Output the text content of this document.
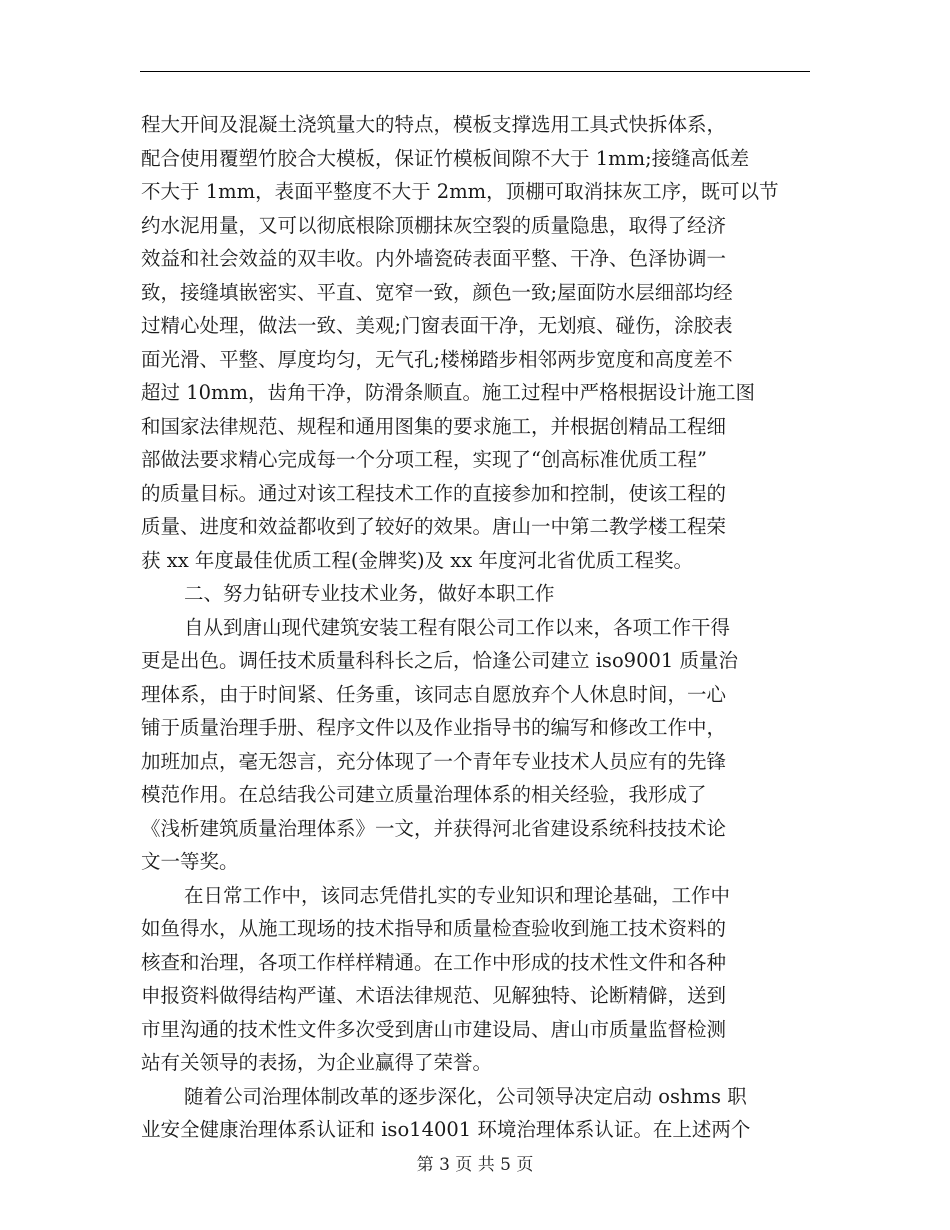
程大开间及混凝土浇筑量大的特点，模板支撑选用工具式快拆体系，
配合使用覆塑竹胶合大模板，保证竹模板间隙不大于 1mm;接缝高低差
不大于 1mm，表面平整度不大于 2mm，顶棚可取消抹灰工序，既可以节
约水泥用量，又可以彻底根除顶棚抹灰空裂的质量隐患，取得了经济
效益和社会效益的双丰收。内外墙瓷砖表面平整、干净、色泽协调一
致，接缝填嵌密实、平直、宽窄一致，颜色一致;屋面防水层细部均经
过精心处理，做法一致、美观;门窗表面干净，无划痕、碰伤，涂胶表
面光滑、平整、厚度均匀，无气孔;楼梯踏步相邻两步宽度和高度差不
超过 10mm，齿角干净，防滑条顺直。施工过程中严格根据设计施工图
和国家法律规范、规程和通用图集的要求施工，并根据创精品工程细
部做法要求精心完成每一个分项工程，实现了“创高标准优质工程”
的质量目标。通过对该工程技术工作的直接参加和控制，使该工程的
质量、进度和效益都收到了较好的效果。唐山一中第二教学楼工程荣
获 xx 年度最佳优质工程(金牌奖)及 xx 年度河北省优质工程奖。
二、努力钻研专业技术业务，做好本职工作
自从到唐山现代建筑安装工程有限公司工作以来，各项工作干得
更是出色。调任技术质量科科长之后，恰逢公司建立 iso9001 质量治
理体系，由于时间紧、任务重，该同志自愿放弃个人休息时间，一心
铺于质量治理手册、程序文件以及作业指导书的编写和修改工作中，
加班加点，毫无怨言，充分体现了一个青年专业技术人员应有的先锋
模范作用。在总结我公司建立质量治理体系的相关经验，我形成了
《浅析建筑质量治理体系》一文，并获得河北省建设系统科技技术论
文一等奖。
在日常工作中，该同志凭借扎实的专业知识和理论基础，工作中
如鱼得水，从施工现场的技术指导和质量检查验收到施工技术资料的
核查和治理，各项工作样样精通。在工作中形成的技术性文件和各种
申报资料做得结构严谨、术语法律规范、见解独特、论断精僻，送到
市里沟通的技术性文件多次受到唐山市建设局、唐山市质量监督检测
站有关领导的表扬，为企业赢得了荣誉。
随着公司治理体制改革的逐步深化，公司领导决定启动 oshms 职
业安全健康治理体系认证和 iso14001 环境治理体系认证。在上述两个
第 3 页 共 5 页
